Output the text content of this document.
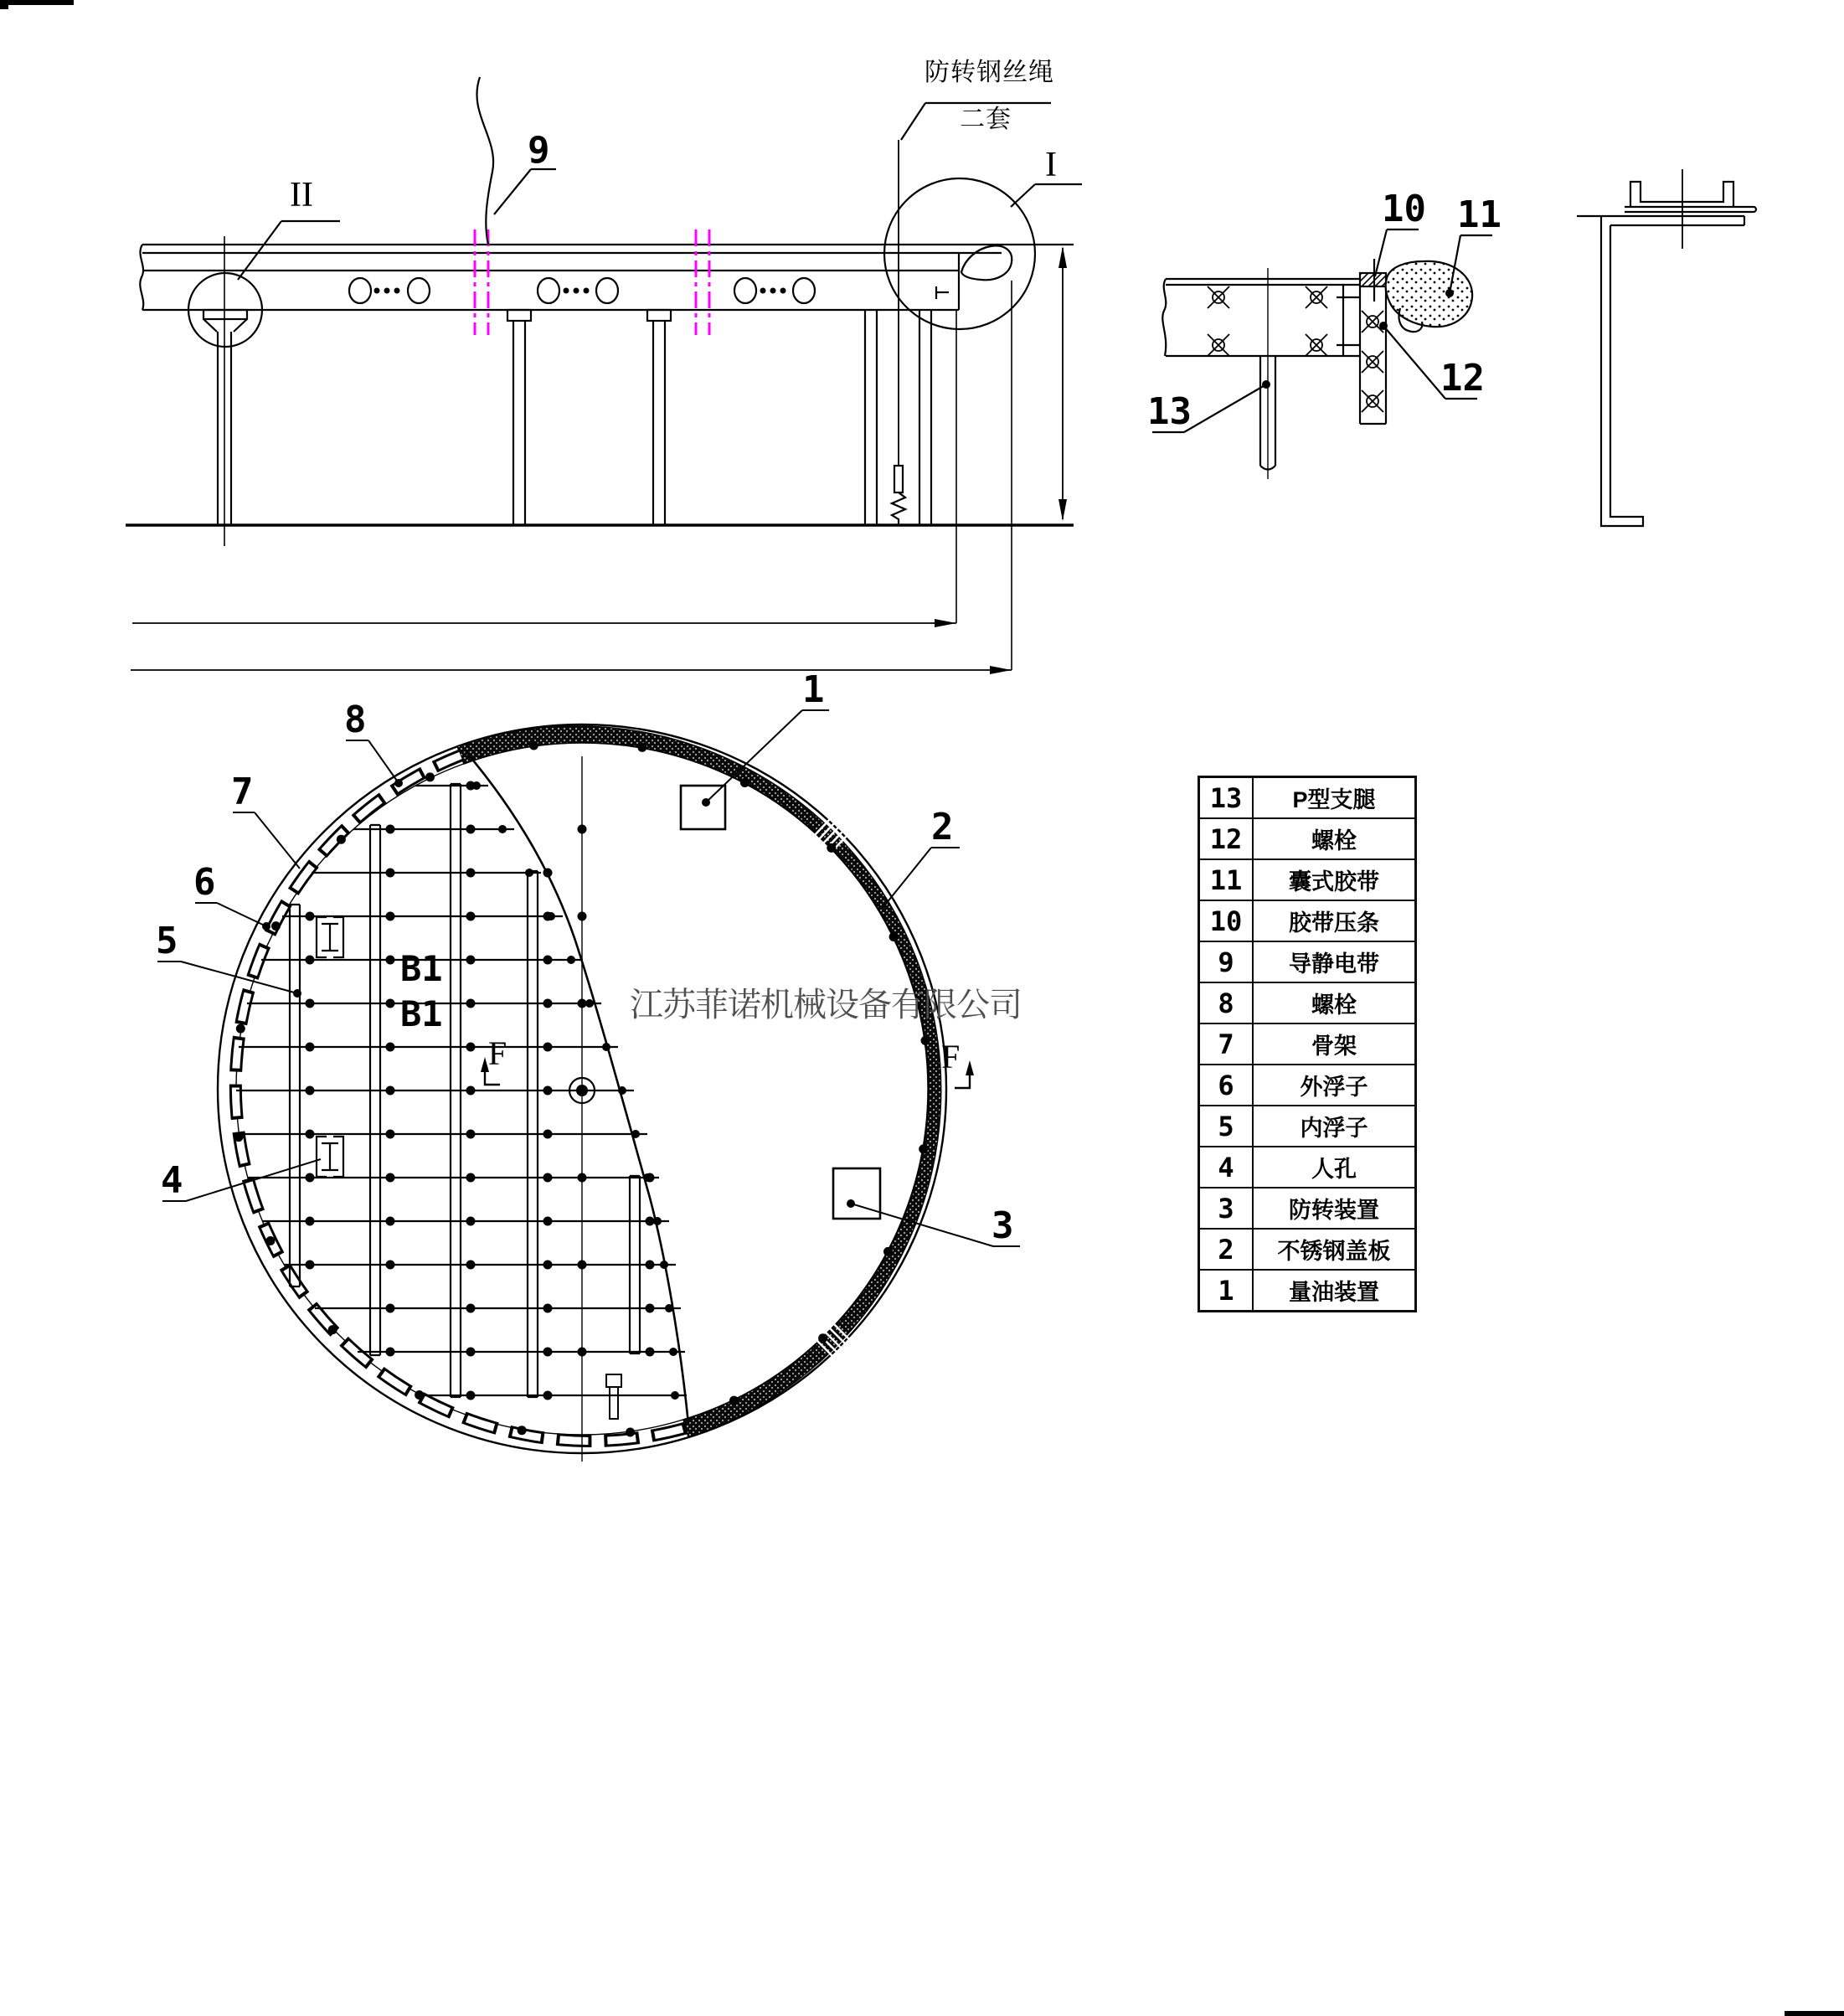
防转钢丝绳
二套
I
II
9
10 11
12
13
1
2
3
4
5
6
7
8
B1
B1
F	F
江苏菲诺机械设备有限公司
13	P型支腿
12	螺栓
11	囊式胶带
10	胶带压条
9	导静电带
8	螺栓
7	骨架
6	外浮子
5	内浮子
4	人孔
3	防转装置
2	不锈钢盖板
1	量油装置
